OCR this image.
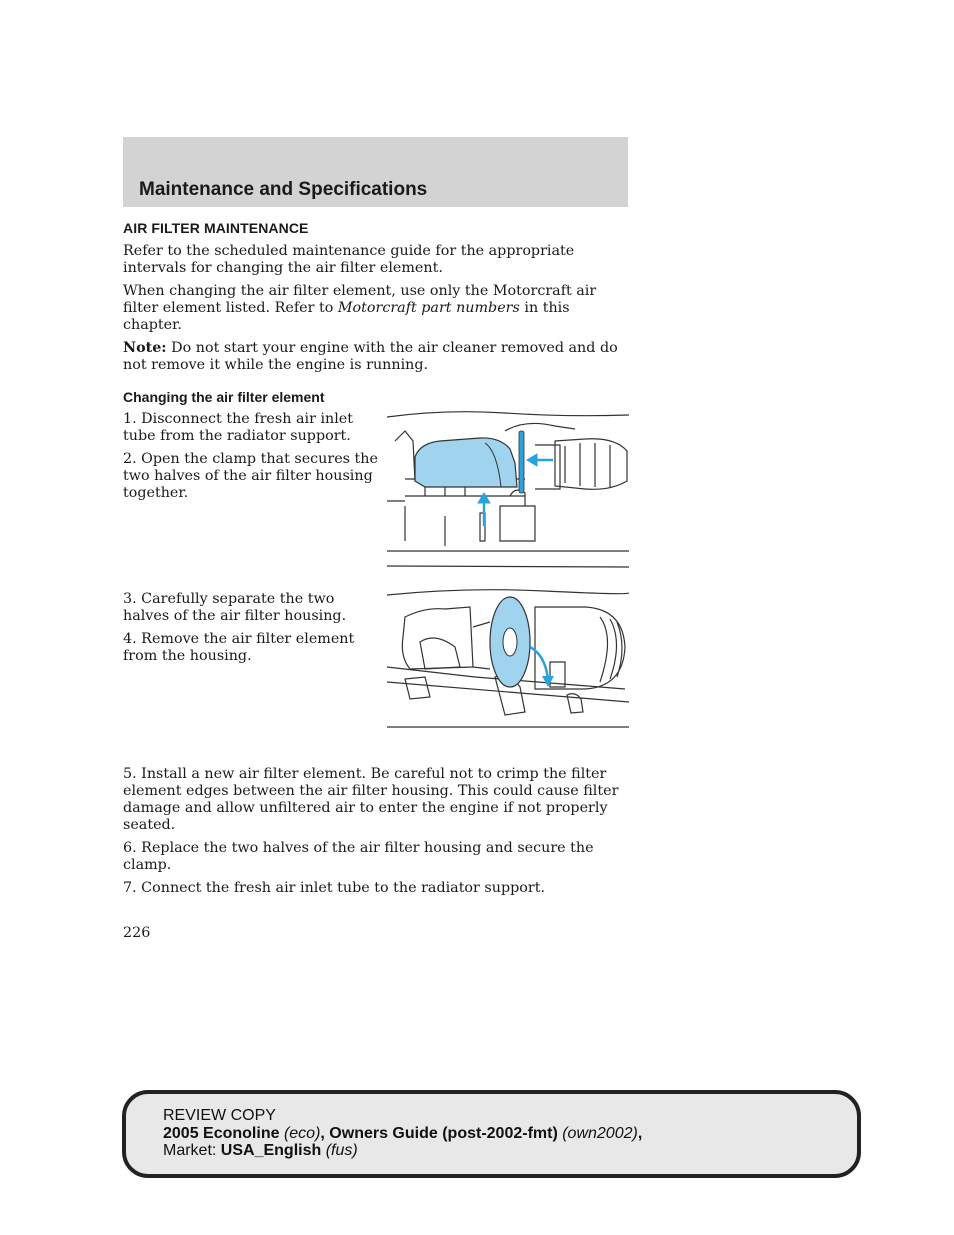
Maintenance and Specifications
AIR FILTER MAINTENANCE

Refer to the scheduled maintenance guide for the appropriate intervals for changing the air filter element.

When changing the air filter element, use only the Motorcraft air filter element listed. Refer to Motorcraft part numbers in this chapter.

Note: Do not start your engine with the air cleaner removed and do not remove it while the engine is running.

Changing the air filter element

1. Disconnect the fresh air inlet tube from the radiator support.

2. Open the clamp that secures the two halves of the air filter housing together.

3. Carefully separate the two halves of the air filter housing.

4. Remove the air filter element from the housing.

5. Install a new air filter element. Be careful not to crimp the filter element edges between the air filter housing. This could cause filter damage and allow unfiltered air to enter the engine if not properly seated.

6. Replace the two halves of the air filter housing and secure the clamp.

7. Connect the fresh air inlet tube to the radiator support.

226
REVIEW COPY
2005 Econoline (eco), Owners Guide (post-2002-fmt) (own2002),
Market: USA_English (fus)
